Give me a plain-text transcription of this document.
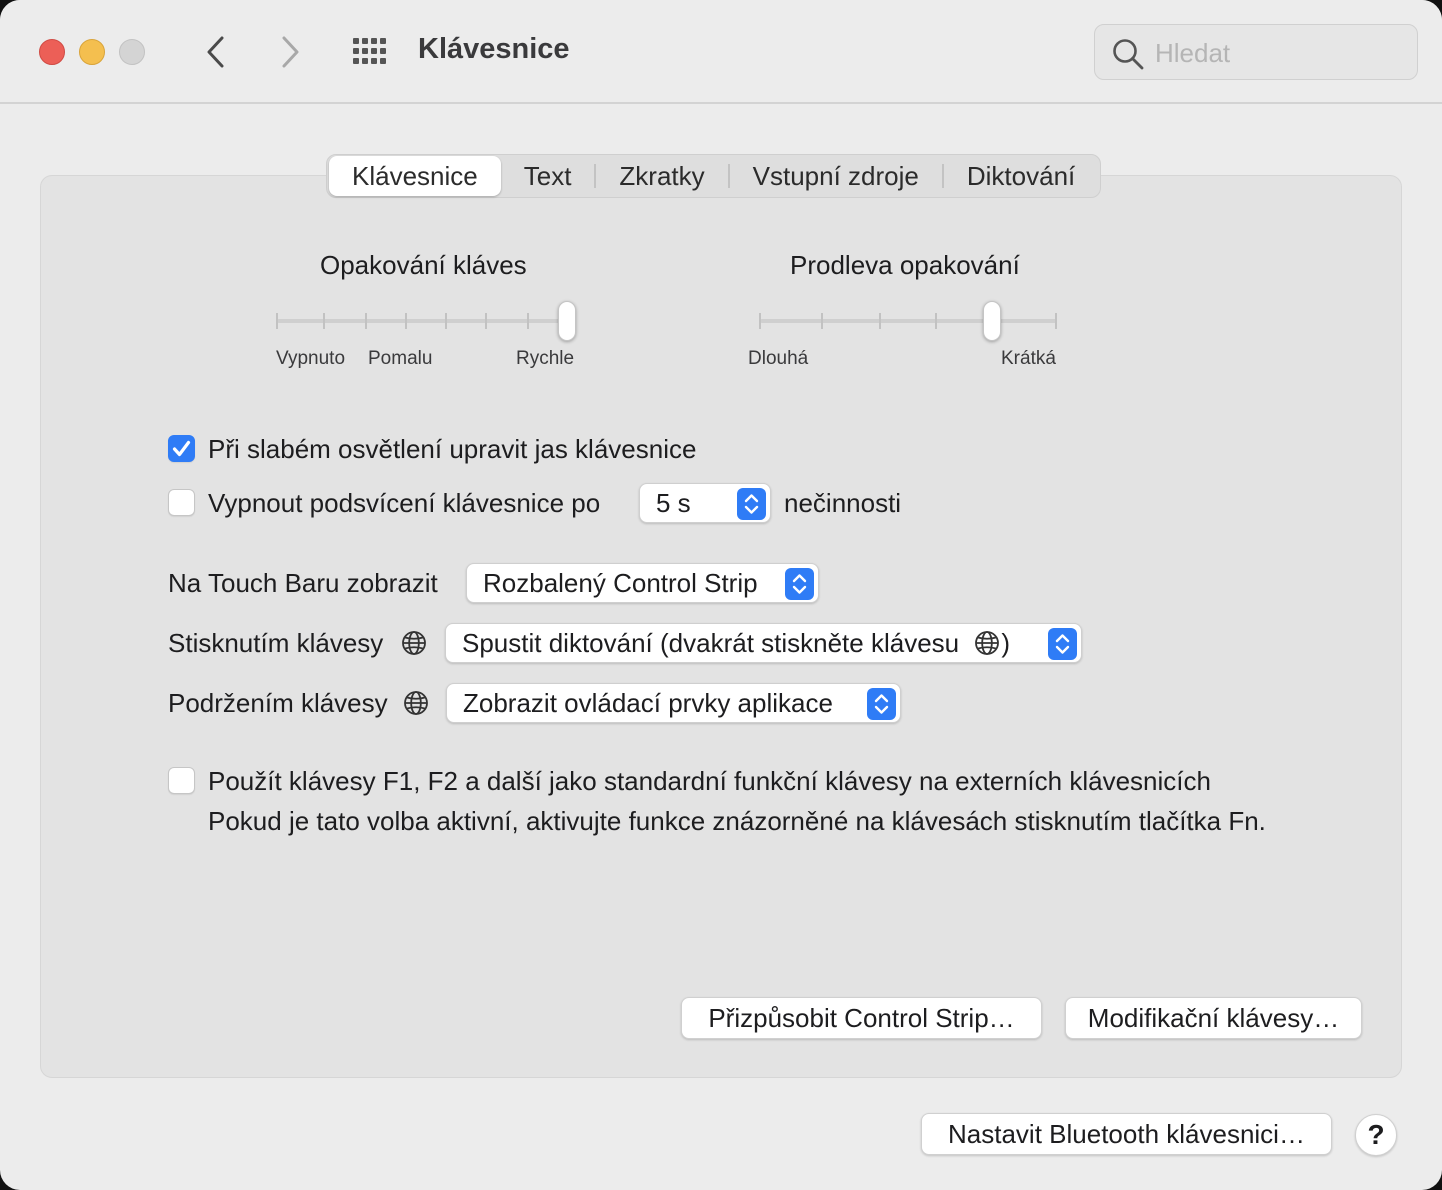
Klávesnice
Hledat
Klávesnice	Text	Zkratky	Vstupní zdroje	Diktování
Opakování kláves
Vypnuto Pomalu	Rychle
Prodleva opakování
Dlouhá	Krátká
Při slabém osvětlení upravit jas klávesnice
Vypnout podsvícení klávesnice po	5 s	nečinnosti
Na Touch Baru zobrazit	Rozbalený Control Strip
Stisknutím klávesy	Spustit diktování (dvakrát stiskněte klávesu )
Podržením klávesy	Zobrazit ovládací prvky aplikace
Použít klávesy F1, F2 a další jako standardní funkční klávesy na externích klávesnicích
Pokud je tato volba aktivní, aktivujte funkce znázorněné na klávesách stisknutím tlačítka Fn.
Přizpůsobit Control Strip…	Modifikační klávesy…
Nastavit Bluetooth klávesnici…	?
